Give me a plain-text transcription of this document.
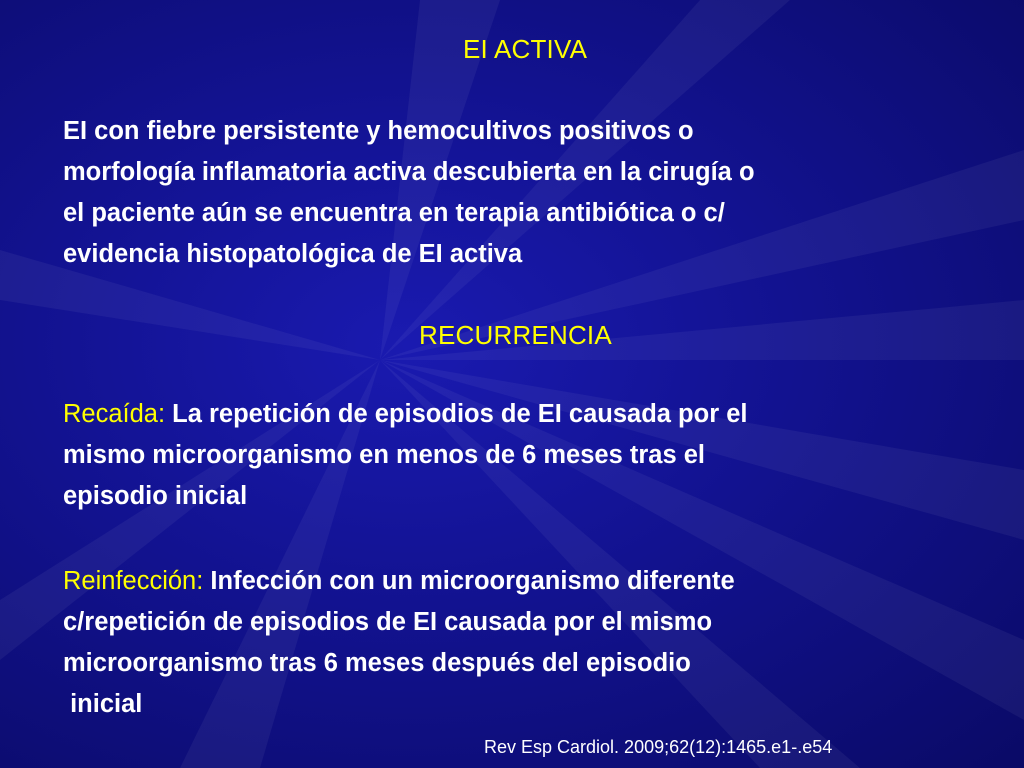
EI ACTIVA

EI con fiebre persistente y hemocultivos positivos o
morfología inflamatoria activa descubierta en la cirugía o
el paciente aún se encuentra en terapia antibiótica o c/
evidencia histopatológica de EI activa

RECURRENCIA

Recaída: La repetición de episodios de EI causada por el
mismo microorganismo en menos de 6 meses tras el
episodio inicial

Reinfección: Infección con un microorganismo diferente
c/repetición de episodios de EI causada por el mismo
microorganismo tras 6 meses después del episodio
inicial

Rev Esp Cardiol. 2009;62(12):1465.e1-.e54
